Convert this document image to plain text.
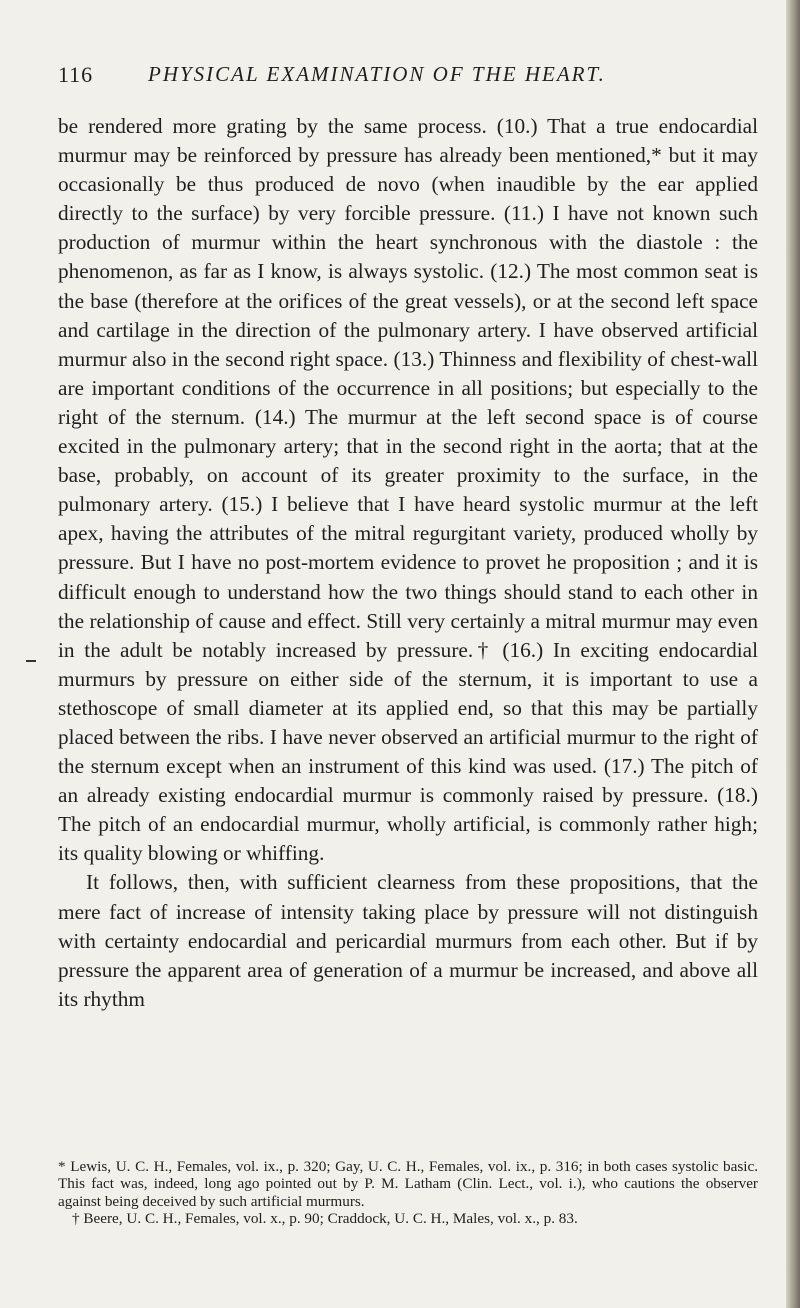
116	PHYSICAL EXAMINATION OF THE HEART.

be rendered more grating by the same process. (10.) That a true endocardial murmur may be reinforced by pressure has already been mentioned,* but it may occasionally be thus produced de novo (when inaudible by the ear applied directly to the surface) by very forcible pressure. (11.) I have not known such production of murmur within the heart synchronous with the diastole : the phenomenon, as far as I know, is always systolic. (12.) The most common seat is the base (therefore at the orifices of the great vessels), or at the second left space and cartilage in the direction of the pulmonary artery. I have observed artificial murmur also in the second right space. (13.) Thinness and flexibility of chest-wall are important conditions of the occurrence in all positions; but especially to the right of the sternum. (14.) The murmur at the left second space is of course excited in the pulmonary artery; that in the second right in the aorta; that at the base, probably, on account of its greater proximity to the surface, in the pulmonary artery. (15.) I believe that I have heard systolic murmur at the left apex, having the attributes of the mitral regurgitant variety, produced wholly by pressure. But I have no post-mortem evidence to provet he proposition ; and it is difficult enough to understand how the two things should stand to each other in the relationship of cause and effect. Still very certainly a mitral murmur may even in the adult be notably increased by pressure.† (16.) In exciting endocardial murmurs by pressure on either side of the sternum, it is important to use a stethoscope of small diameter at its applied end, so that this may be partially placed between the ribs. I have never observed an artificial murmur to the right of the sternum except when an instrument of this kind was used. (17.) The pitch of an already existing endocardial murmur is commonly raised by pressure. (18.) The pitch of an endocardial murmur, wholly artificial, is commonly rather high; its quality blowing or whiffing.

It follows, then, with sufficient clearness from these propositions, that the mere fact of increase of intensity taking place by pressure will not distinguish with certainty endocardial and pericardial murmurs from each other. But if by pressure the apparent area of generation of a murmur be increased, and above all its rhythm

* Lewis, U. C. H., Females, vol. ix., p. 320; Gay, U. C. H., Females, vol. ix., p. 316; in both cases systolic basic. This fact was, indeed, long ago pointed out by P. M. Latham (Clin. Lect., vol. i.), who cautions the observer against being deceived by such artificial murmurs.

† Beere, U. C. H., Females, vol. x., p. 90; Craddock, U. C. H., Males, vol. x., p. 83.
